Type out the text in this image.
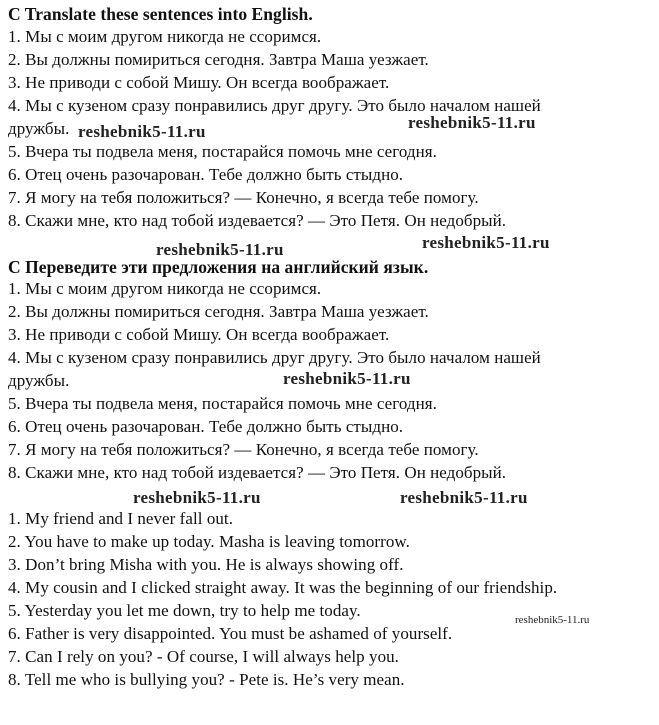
C Translate these sentences into English.
1. Мы с моим другом никогда не ссоримся.
2. Вы должны помириться сегодня. Завтра Маша уезжает.
3. Не приводи с собой Мишу. Он всегда воображает.
4. Мы с кузеном сразу понравились друг другу. Это было началом нашей
дружбы.
5. Вчера ты подвела меня, постарайся помочь мне сегодня.
6. Отец очень разочарован. Тебе должно быть стыдно.
7. Я могу на тебя положиться? — Конечно, я всегда тебе помогу.
8. Скажи мне, кто над тобой издевается? — Это Петя. Он недобрый.
С Переведите эти предложения на английский язык.
1. Мы с моим другом никогда не ссоримся.
2. Вы должны помириться сегодня. Завтра Маша уезжает.
3. Не приводи с собой Мишу. Он всегда воображает.
4. Мы с кузеном сразу понравились друг другу. Это было началом нашей
дружбы.
5. Вчера ты подвела меня, постарайся помочь мне сегодня.
6. Отец очень разочарован. Тебе должно быть стыдно.
7. Я могу на тебя положиться? — Конечно, я всегда тебе помогу.
8. Скажи мне, кто над тобой издевается? — Это Петя. Он недобрый.
1. My friend and I never fall out.
2. You have to make up today. Masha is leaving tomorrow.
3. Don’t bring Misha with you. He is always showing off.
4. My cousin and I clicked straight away. It was the beginning of our friendship.
5. Yesterday you let me down, try to help me today.
6. Father is very disappointed. You must be ashamed of yourself.
7. Can I rely on you? - Of course, I will always help you.
8. Tell me who is bullying you? - Pete is. He’s very mean.
reshebnik5-11.ru	reshebnik5-11.ru
reshebnik5-11.ru	reshebnik5-11.ru
reshebnik5-11.ru
reshebnik5-11.ru	reshebnik5-11.ru
reshebnik5-11.ru
